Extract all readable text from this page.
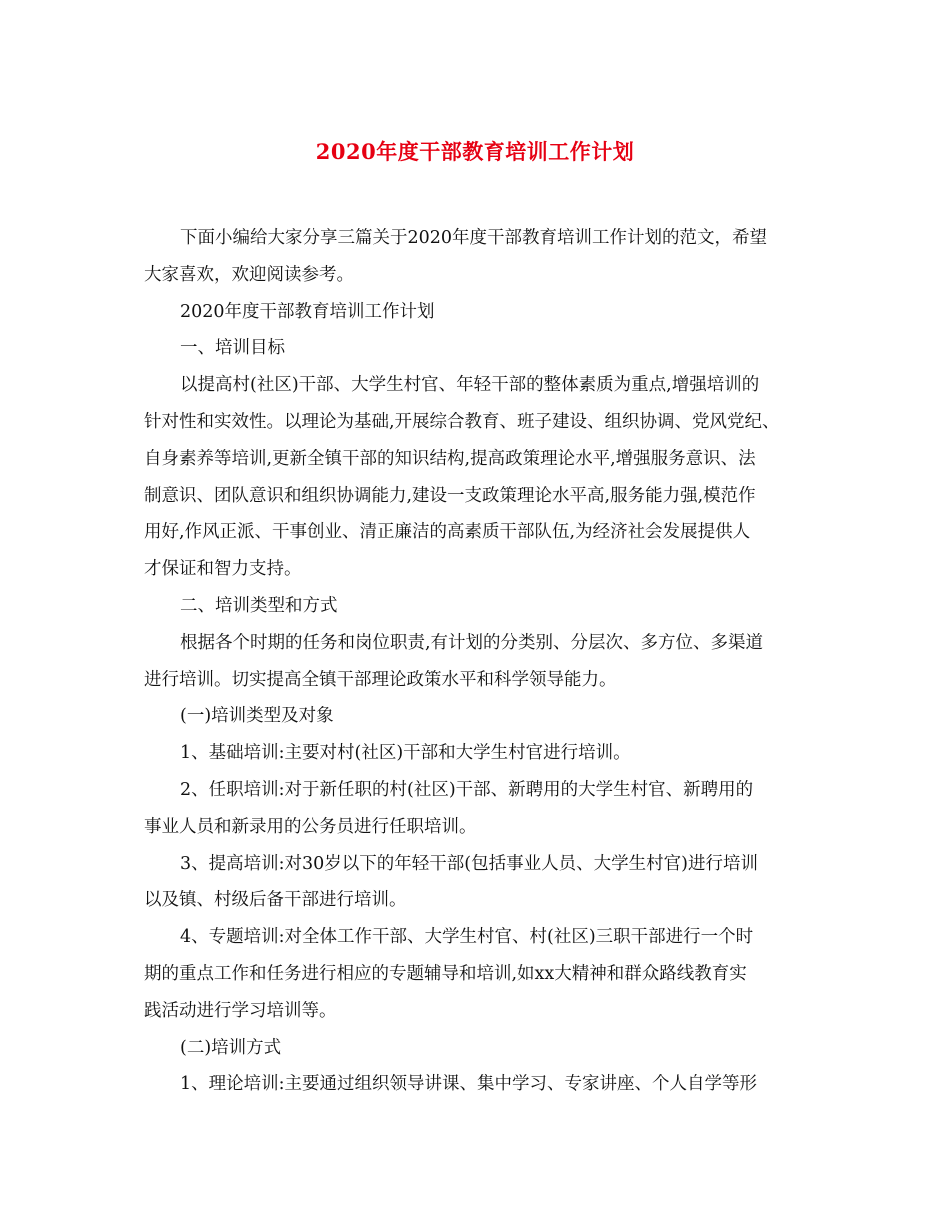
2020年度干部教育培训工作计划
下面小编给大家分享三篇关于2020年度干部教育培训工作计划的范文，希望
大家喜欢，欢迎阅读参考。
2020年度干部教育培训工作计划
一、培训目标
以提高村(社区)干部、大学生村官、年轻干部的整体素质为重点,增强培训的
针对性和实效性。以理论为基础,开展综合教育、班子建设、组织协调、党风党纪、
自身素养等培训,更新全镇干部的知识结构,提高政策理论水平,增强服务意识、法
制意识、团队意识和组织协调能力,建设一支政策理论水平高,服务能力强,模范作
用好,作风正派、干事创业、清正廉洁的高素质干部队伍,为经济社会发展提供人
才保证和智力支持。
二、培训类型和方式
根据各个时期的任务和岗位职责,有计划的分类别、分层次、多方位、多渠道
进行培训。切实提高全镇干部理论政策水平和科学领导能力。
(一)培训类型及对象
1、基础培训:主要对村(社区)干部和大学生村官进行培训。
2、任职培训:对于新任职的村(社区)干部、新聘用的大学生村官、新聘用的
事业人员和新录用的公务员进行任职培训。
3、提高培训:对30岁以下的年轻干部(包括事业人员、大学生村官)进行培训
以及镇、村级后备干部进行培训。
4、专题培训:对全体工作干部、大学生村官、村(社区)三职干部进行一个时
期的重点工作和任务进行相应的专题辅导和培训,如xx大精神和群众路线教育实
践活动进行学习培训等。
(二)培训方式
1、理论培训:主要通过组织领导讲课、集中学习、专家讲座、个人自学等形
